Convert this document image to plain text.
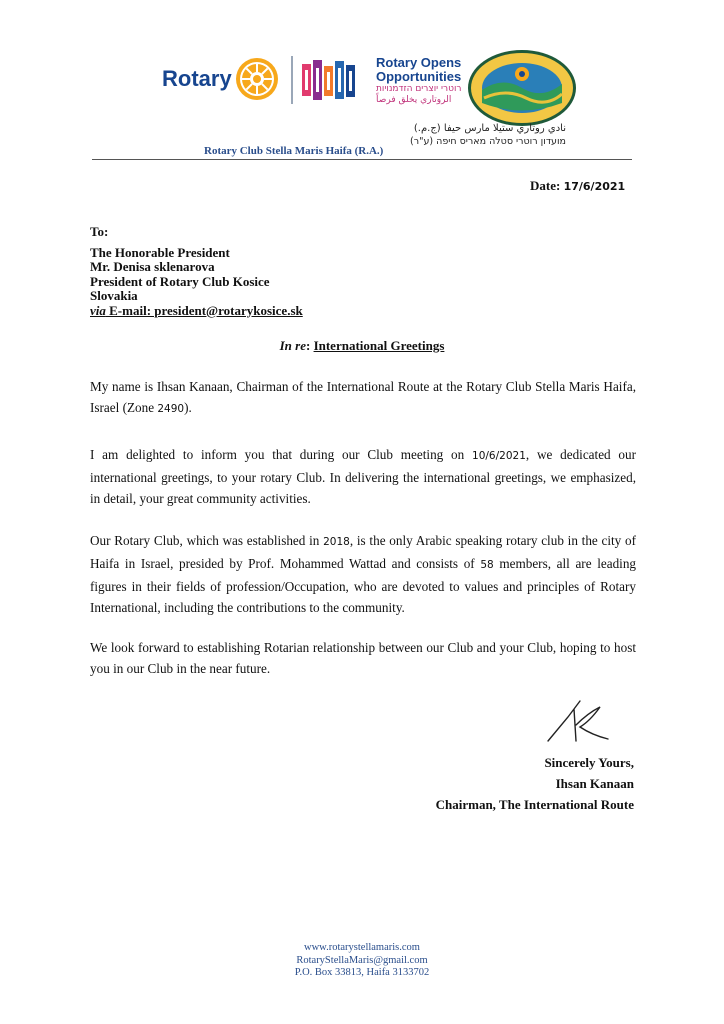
Rotary
Rotary Opens
Opportunities
רוטרי יוצרים הזדמנויות
الروتاري يخلق فرصاً
نادي روتاري ستيلا مارس حيفا (ج.م.)
מועדון רוטרי סטלה מאריס חיפה (ע"ר)
Rotary Club Stella Maris Haifa (R.A.)
Date: 17/6/2021
To:
The Honorable President
Mr. Denisa sklenarova
President of Rotary Club Kosice
Slovakia
via E-mail: president@rotarykosice.sk
In re: International Greetings
My name is Ihsan Kanaan, Chairman of the International Route at the Rotary Club Stella Maris Haifa, Israel (Zone 2490).
I am delighted to inform you that during our Club meeting on 10/6/2021, we dedicated our international greetings, to your rotary Club. In delivering the international greetings, we emphasized, in detail, your great community activities.
Our Rotary Club, which was established in 2018, is the only Arabic speaking rotary club in the city of Haifa in Israel, presided by Prof. Mohammed Wattad and consists of 58 members, all are leading figures in their fields of profession/Occupation, who are devoted to values and principles of Rotary International, including the contributions to the community.
We look forward to establishing Rotarian relationship between our Club and your Club, hoping to host you in our Club in the near future.
Sincerely Yours,
Ihsan Kanaan
Chairman, The International Route
www.rotarystellamaris.com
RotaryStellaMaris@gmail.com
P.O. Box 33813, Haifa 3133702
